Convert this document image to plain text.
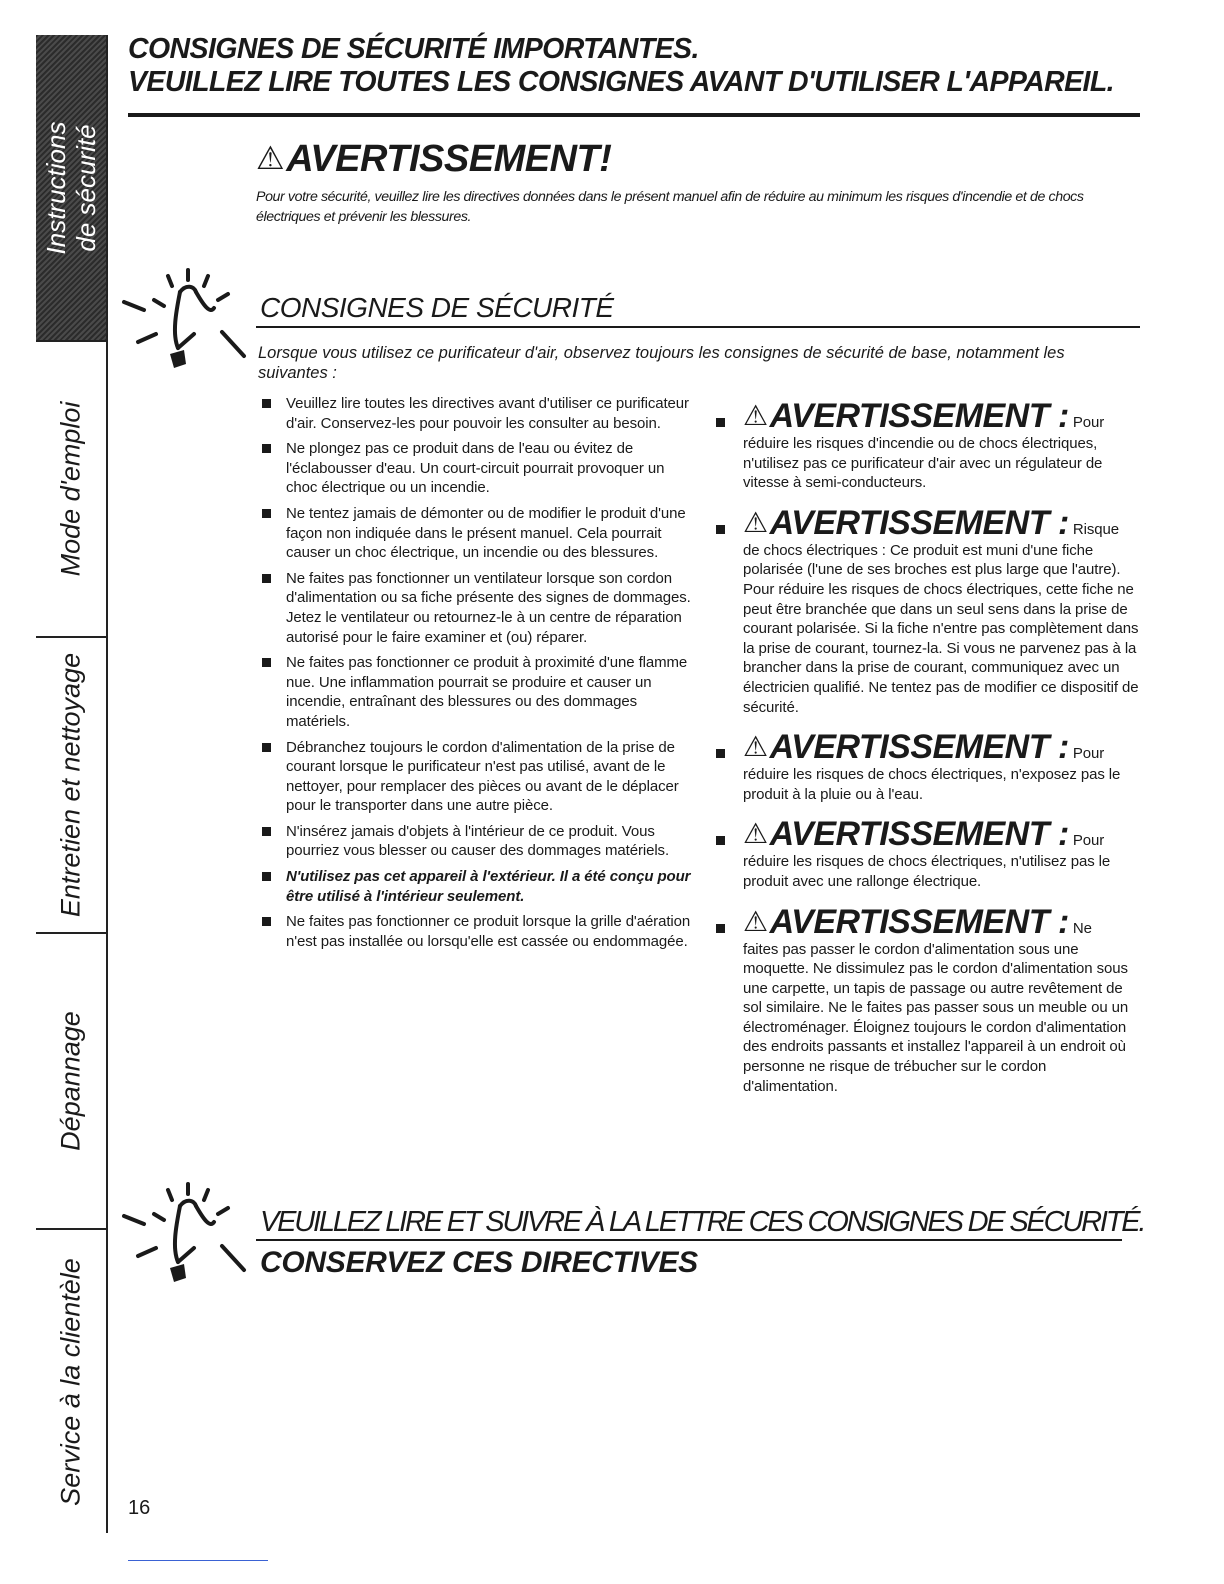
Instructions de sécurité
Mode d'emploi
Entretien et nettoyage
Dépannage
Service à la clientèle
CONSIGNES DE SÉCURITÉ IMPORTANTES.
VEUILLEZ LIRE TOUTES LES CONSIGNES AVANT D'UTILISER L'APPAREIL.
⚠AVERTISSEMENT!
Pour votre sécurité, veuillez lire les directives données dans le présent manuel afin de réduire au minimum les risques d'incendie et de chocs électriques et prévenir les blessures.
CONSIGNES DE SÉCURITÉ
Lorsque vous utilisez ce purificateur d'air, observez toujours les consignes de sécurité de base, notamment les suivantes :
Veuillez lire toutes les directives avant d'utiliser ce purificateur d'air. Conservez-les pour pouvoir les consulter au besoin.
Ne plongez pas ce produit dans de l'eau ou évitez de l'éclabousser d'eau. Un court-circuit pourrait provoquer un choc électrique ou un incendie.
Ne tentez jamais de démonter ou de modifier le produit d'une façon non indiquée dans le présent manuel. Cela pourrait causer un choc électrique, un incendie ou des blessures.
Ne faites pas fonctionner un ventilateur lorsque son cordon d'alimentation ou sa fiche présente des signes de dommages. Jetez le ventilateur ou retournez-le à un centre de réparation autorisé pour le faire examiner et (ou) réparer.
Ne faites pas fonctionner ce produit à proximité d'une flamme nue. Une inflammation pourrait se produire et causer un incendie, entraînant des blessures ou des dommages matériels.
Débranchez toujours le cordon d'alimentation de la prise de courant lorsque le purificateur n'est pas utilisé, avant de le nettoyer, pour remplacer des pièces ou avant de le déplacer pour le transporter dans une autre pièce.
N'insérez jamais d'objets à l'intérieur de ce produit. Vous pourriez vous blesser ou causer des dommages matériels.
N'utilisez pas cet appareil à l'extérieur. Il a été conçu pour être utilisé à l'intérieur seulement.
Ne faites pas fonctionner ce produit lorsque la grille d'aération n'est pas installée ou lorsqu'elle est cassée ou endommagée.
⚠AVERTISSEMENT : Pour
réduire les risques d'incendie ou de chocs électriques, n'utilisez pas ce purificateur d'air avec un régulateur de vitesse à semi-conducteurs.
⚠AVERTISSEMENT : Risque
de chocs électriques : Ce produit est muni d'une fiche polarisée (l'une de ses broches est plus large que l'autre). Pour réduire les risques de chocs électriques, cette fiche ne peut être branchée que dans un seul sens dans la prise de courant polarisée. Si la fiche n'entre pas complètement dans la prise de courant, tournez-la. Si vous ne parvenez pas à la brancher dans la prise de courant, communiquez avec un électricien qualifié. Ne tentez pas de modifier ce dispositif de sécurité.
⚠AVERTISSEMENT : Pour
réduire les risques de chocs électriques, n'exposez pas le produit à la pluie ou à l'eau.
⚠AVERTISSEMENT : Pour
réduire les risques de chocs électriques, n'utilisez pas le produit avec une rallonge électrique.
⚠AVERTISSEMENT : Ne
faites pas passer le cordon d'alimentation sous une moquette. Ne dissimulez pas le cordon d'alimentation sous une carpette, un tapis de passage ou autre revêtement de sol similaire. Ne le faites pas passer sous un meuble ou un électroménager. Éloignez toujours le cordon d'alimentation des endroits passants et installez l'appareil à un endroit où personne ne risque de trébucher sur le cordon d'alimentation.
VEUILLEZ LIRE ET SUIVRE À LA LETTRE CES CONSIGNES DE SÉCURITÉ.
CONSERVEZ CES DIRECTIVES
16
